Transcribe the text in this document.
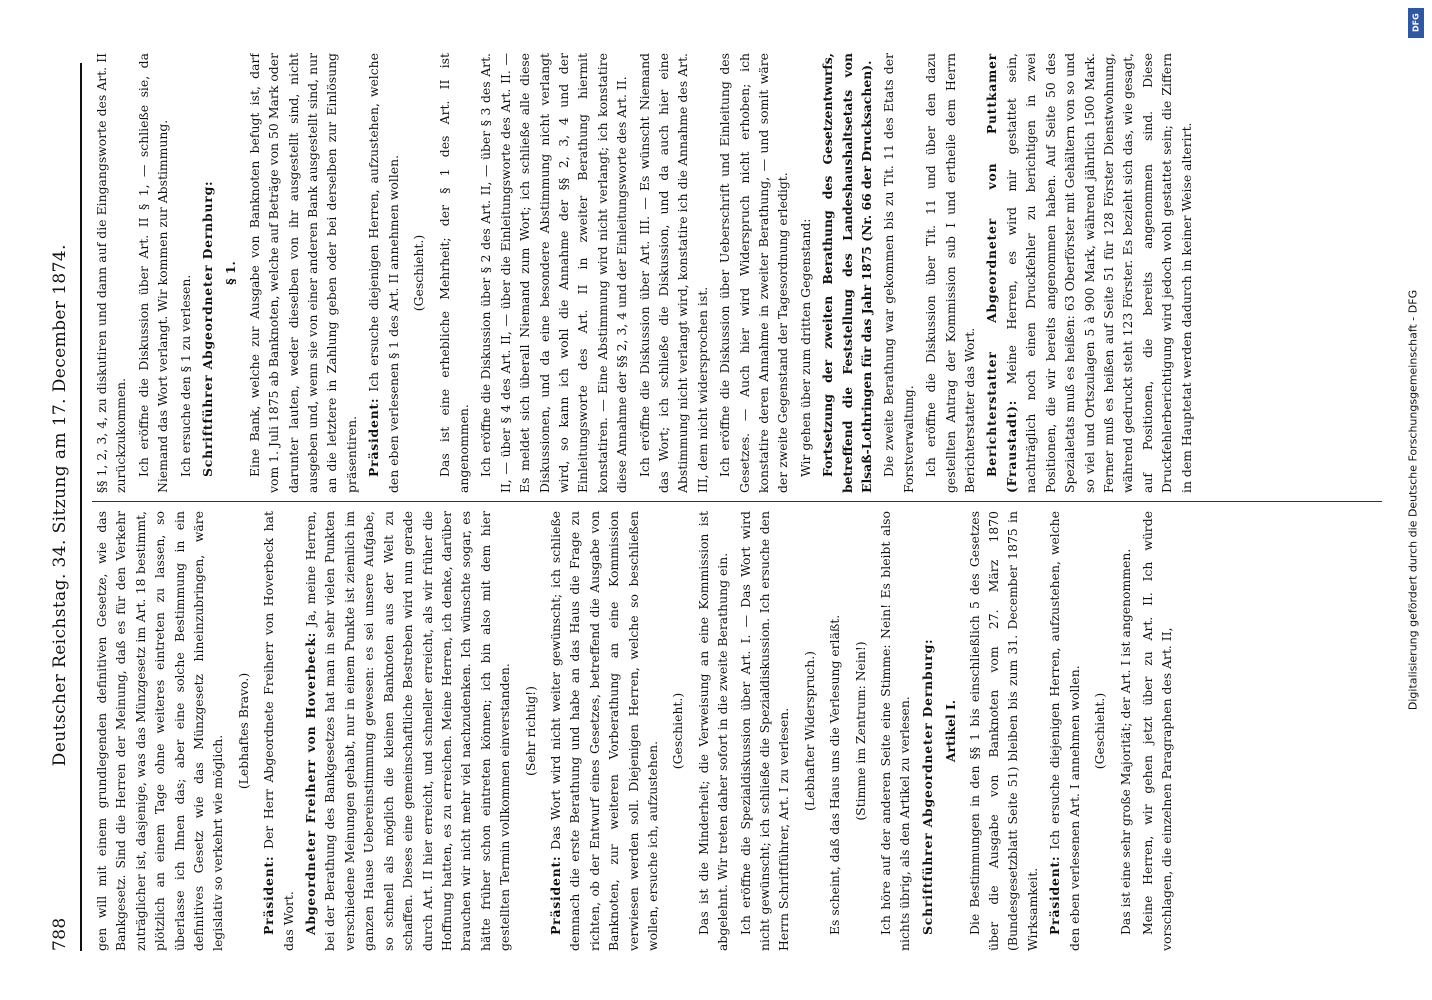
788
Deutscher Reichstag. 34. Sitzung am 17. December 1874. gen will mit einem grundlegenden definitiven Gesetze, wie das Bankgesetz. Sind die Herren der Meinung, daß es für den Verkehr zuträglicher ist, dasjenige, was das Münzgesetz im Art. 18 bestimmt, plötzlich an einem Tage ohne weiteres eintreten zu lassen, so überlasse ich Ihnen das; aber eine solche Bestimmung in ein definitives Gesetz wie das Münzgesetz hineinzubringen, wäre legislativ so verkehrt wie möglich.

(Lebhaftes Bravo.)

Präsident: Der Herr Abgeordnete Freiherr von Hoverbeck hat das Wort. Abgeordneter Freiherr von Hoverbeck: Ja, meine Herren, bei der Berathung des Bankgesetzes hat man in sehr vielen Punkten verschiedene Meinungen gehabt, nur in einem Punkte ist ziemlich im ganzen Hause Uebereinstimmung gewesen: es sei unsere Aufgabe, so schnell als möglich die kleinen Banknoten aus der Welt zu schaffen. Dieses eine gemeinschaftliche Bestreben wird nun gerade durch Art. II hier erreicht, und schneller erreicht, als wir früher die Hoffnung hatten, es zu erreichen. Meine Herren, ich denke, darüber brauchen wir nicht mehr viel nachzudenken. Ich wünschte sogar, es hätte früher schon eintreten können; ich bin also mit dem hier gestellten Termin vollkommen einverstanden. (Sehr richtig!)

Präsident: Das Wort wird nicht weiter gewünscht; ich schließe demnach die erste Berathung und habe an das Haus die Frage zu richten, ob der Entwurf eines Gesetzes, betreffend die Ausgabe von Banknoten, zur weiteren Vorberathung an eine Kommission verwiesen werden soll. Diejenigen Herren, welche so beschließen wollen, ersuche ich, aufzustehen.

(Geschieht.) Das ist die Minderheit; die Verweisung an eine Kommission ist abgelehnt. Wir treten daher sofort in die zweite Berathung ein. Ich eröffne die Spezialdiskussion über Art. I. — Das Wort wird nicht gewünscht; ich schließe die Spezialdiskussion. Ich ersuche den Herrn Schriftführer, Art. I zu verlesen. (Lebhafter Widerspruch.) Es scheint, daß das Haus uns die Verlesung erläßt. (Stimme im Zentrum: Nein!) Ich höre auf der anderen Seite eine Stimme: Nein! Es bleibt also nichts übrig, als den Artikel zu verlesen. Schriftführer Abgeordneter Dernburg: Artikel I. Die Bestimmungen in den §§ 1 bis einschließlich 5 des Gesetzes über die Ausgabe von Banknoten vom 27. März 1870 (Bundesgesetzblatt Seite 51) bleiben bis zum 31. December 1875 in Wirksamkeit. Präsident: Ich ersuche diejenigen Herren, aufzustehen, welche den eben verlesenen Art. I annehmen wollen. (Geschieht.) Das ist eine sehr große Majorität; der Art. I ist angenommen. Meine Herren, wir gehen jetzt über zu Art. II. Ich würde vorschlagen, die einzelnen Paragraphen des Art. II,

§§ 1, 2, 3, 4, zu diskutiren und dann auf die Eingangsworte des Art. II zurückzukommen. Ich eröffne die Diskussion über Art. II § 1, — schließe sie, da Niemand das Wort verlangt. Wir kommen zur Abstimmung. Ich ersuche den § 1 zu verlesen. Schriftführer Abgeordneter Dernburg: § 1. Eine Bank, welche zur Ausgabe von Banknoten befugt ist, darf vom 1. Juli 1875 ab Banknoten, welche auf Beträge von 50 Mark oder darunter lauten, weder dieselben von ihr ausgestellt sind, nicht ausgeben und, wenn sie von einer anderen Bank ausgestellt sind, nur an die letztere in Zahlung geben oder bei derselben zur Einlösung präsentiren. Präsident: Ich ersuche diejenigen Herren, aufzustehen, welche den eben verlesenen § 1 des Art. II annehmen wollen. (Geschieht.) Das ist eine erhebliche Mehrheit; der § 1 des Art. II ist angenommen. Ich eröffne die Diskussion über § 2 des Art. II, — über § 3 des Art. II, — über § 4 des Art. II, — über die Einleitungsworte des Art. II. — Es meldet sich überall Niemand zum Wort; ich schließe alle diese Diskussionen, und da eine besondere Abstimmung nicht verlangt wird, so kann ich wohl die Annahme der §§ 2, 3, 4 und der Einleitungsworte des Art. II in zweiter Berathung hiermit konstatiren. — Eine Abstimmung wird nicht verlangt; ich konstatire diese Annahme der §§ 2, 3, 4 und der Einleitungsworte des Art. II. Ich eröffne die Diskussion über Art. III. — Es wünscht Niemand das Wort; ich schließe die Diskussion, und da auch hier eine Abstimmung nicht verlangt wird, konstatire ich die Annahme des Art. III, dem nicht widersprochen ist. Ich eröffne die Diskussion über Ueberschrift und Einleitung des Gesetzes. — Auch hier wird Widerspruch nicht erhoben; ich konstatire deren Annahme in zweiter Berathung, — und somit wäre der zweite Gegenstand der Tagesordnung erledigt. Wir gehen über zum dritten Gegenstand: Fortsetzung der zweiten Berathung des Gesetzentwurfs, betreffend die Feststellung des Landeshaushaltsetats von Elsaß-Lothringen für das Jahr 1875 (Nr. 66 der Drucksachen). Die zweite Berathung war gekommen bis zu Tit. 11 des Etats der Forstverwaltung. Ich eröffne die Diskussion über Tit. 11 und über den dazu gestellten Antrag der Kommission sub I und ertheile dem Herrn Berichterstatter das Wort. Berichterstatter Abgeordneter von Puttkamer (Fraustadt): Meine Herren, es wird mir gestattet sein, nachträglich noch einen Druckfehler zu berichtigen in zwei Positionen, die wir bereits angenommen haben. Auf Seite 50 des Spezialetats muß es heißen: 63 Oberförster mit Gehältern von so und so viel und Ortszulagen 5 à 900 Mark, während jährlich 1500 Mark. Ferner muß es heißen auf Seite 51 für 128 Förster Dienstwohnung, während gedruckt steht 123 Förster. Es bezieht sich das, wie gesagt, auf Positionen, die bereits angenommen sind. Diese Druckfehlerberichtigung wird jedoch wohl gestattet sein; die Ziffern in dem Hauptetat werden dadurch in keiner Weise alterirt.

DFG
Digitalisierung gefördert durch die Deutsche Forschungsgemeinschaft - DFG
